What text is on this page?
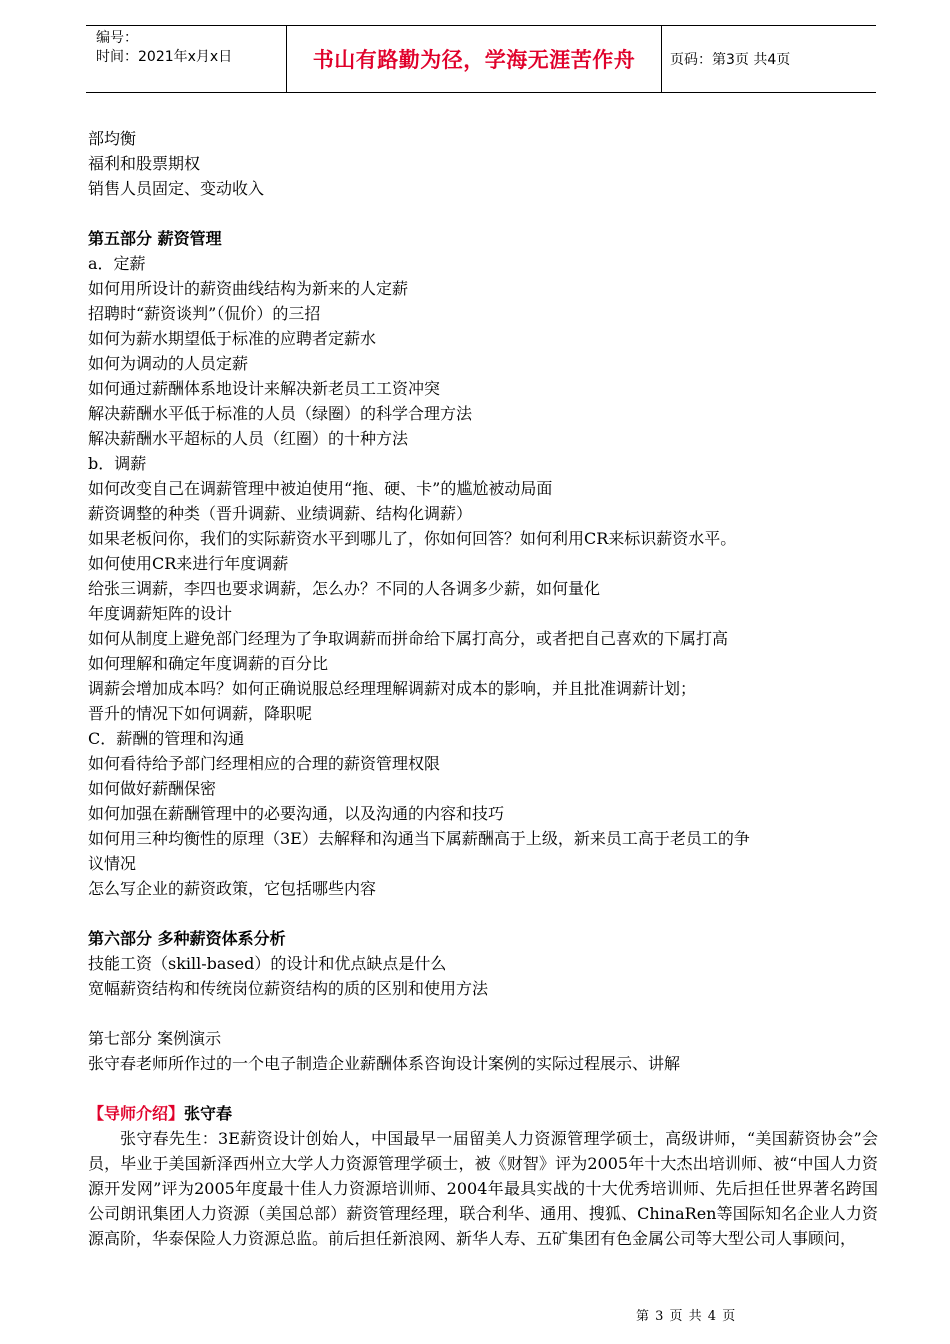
编号：
时间：2021年x月x日	书山有路勤为径，学海无涯苦作舟	页码：第3页 共4页
部均衡
福利和股票期权
销售人员固定、变动收入
第五部分 薪资管理
a．定薪
如何用所设计的薪资曲线结构为新来的人定薪
招聘时“薪资谈判”（侃价）的三招
如何为薪水期望低于标准的应聘者定薪水
如何为调动的人员定薪
如何通过薪酬体系地设计来解决新老员工工资冲突
解决薪酬水平低于标准的人员（绿圈）的科学合理方法
解决薪酬水平超标的人员（红圈）的十种方法
b．调薪
如何改变自己在调薪管理中被迫使用“拖、硬、卡”的尴尬被动局面
薪资调整的种类（晋升调薪、业绩调薪、结构化调薪）
如果老板问你，我们的实际薪资水平到哪儿了，你如何回答？如何利用CR来标识薪资水平。
如何使用CR来进行年度调薪
给张三调薪，李四也要求调薪，怎么办？不同的人各调多少薪，如何量化
年度调薪矩阵的设计
如何从制度上避免部门经理为了争取调薪而拼命给下属打高分，或者把自己喜欢的下属打高
如何理解和确定年度调薪的百分比
调薪会增加成本吗？如何正确说服总经理理解调薪对成本的影响，并且批准调薪计划；
晋升的情况下如何调薪，降职呢
C．薪酬的管理和沟通
如何看待给予部门经理相应的合理的薪资管理权限
如何做好薪酬保密
如何加强在薪酬管理中的必要沟通，以及沟通的内容和技巧
如何用三种均衡性的原理（3E）去解释和沟通当下属薪酬高于上级，新来员工高于老员工的争
议情况
怎么写企业的薪资政策，它包括哪些内容
第六部分 多种薪资体系分析
技能工资（skill-based）的设计和优点缺点是什么
宽幅薪资结构和传统岗位薪资结构的质的区别和使用方法
第七部分 案例演示
张守春老师所作过的一个电子制造企业薪酬体系咨询设计案例的实际过程展示、讲解
【导师介绍】张守春
张守春先生：3E薪资设计创始人，中国最早一届留美人力资源管理学硕士，高级讲师，“美国薪资协会”会员，毕业于美国新泽西州立大学人力资源管理学硕士，被《财智》评为2005年十大杰出培训师、被“中国人力资源开发网”评为2005年度最十佳人力资源培训师、2004年最具实战的十大优秀培训师、先后担任世界著名跨国公司朗讯集团人力资源（美国总部）薪资管理经理，联合利华、通用、搜狐、ChinaRen等国际知名企业人力资源高阶，华泰保险人力资源总监。前后担任新浪网、新华人寿、五矿集团有色金属公司等大型公司人事顾问，
第 3 页 共 4 页
